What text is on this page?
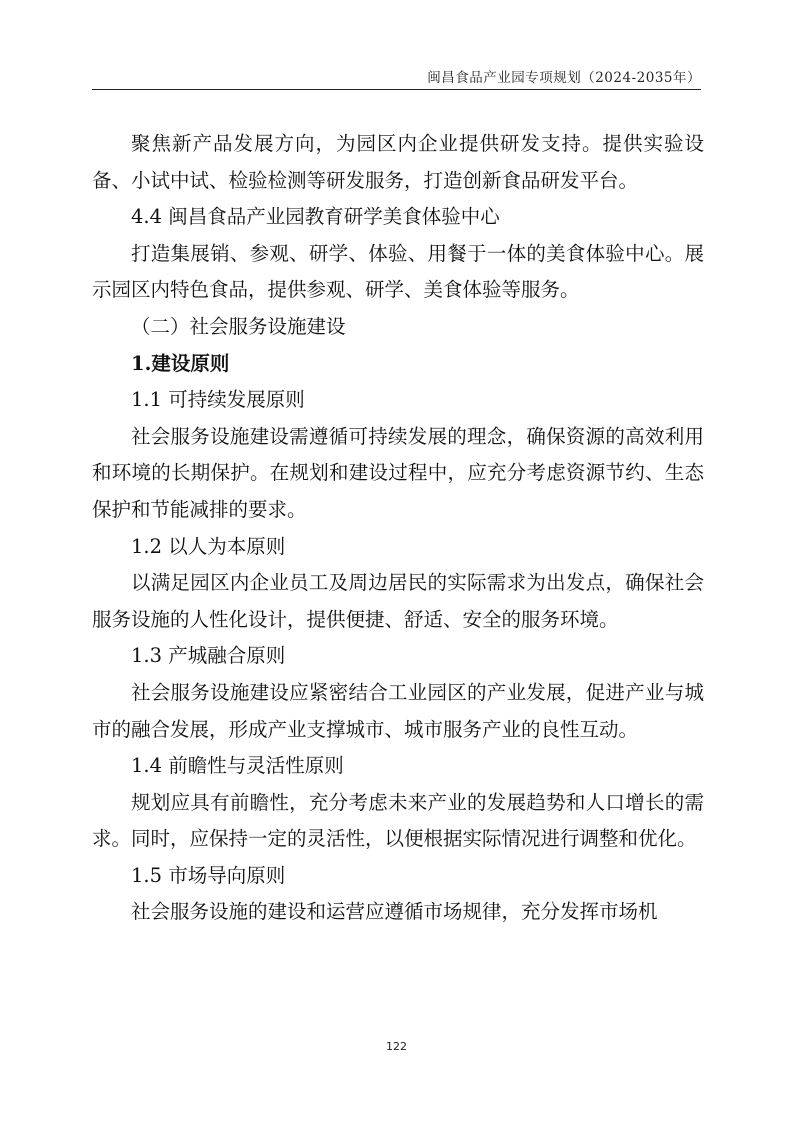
闽昌食品产业园专项规划（2024-2035年）

聚焦新产品发展方向，为园区内企业提供研发支持。提供实验设备、小试中试、检验检测等研发服务，打造创新食品研发平台。

4.4 闽昌食品产业园教育研学美食体验中心

打造集展销、参观、研学、体验、用餐于一体的美食体验中心。展示园区内特色食品，提供参观、研学、美食体验等服务。

（二）社会服务设施建设

1.建设原则

1.1 可持续发展原则

社会服务设施建设需遵循可持续发展的理念，确保资源的高效利用和环境的长期保护。在规划和建设过程中，应充分考虑资源节约、生态保护和节能减排的要求。

1.2 以人为本原则

以满足园区内企业员工及周边居民的实际需求为出发点，确保社会服务设施的人性化设计，提供便捷、舒适、安全的服务环境。

1.3 产城融合原则

社会服务设施建设应紧密结合工业园区的产业发展，促进产业与城市的融合发展，形成产业支撑城市、城市服务产业的良性互动。

1.4 前瞻性与灵活性原则

规划应具有前瞻性，充分考虑未来产业的发展趋势和人口增长的需求。同时，应保持一定的灵活性，以便根据实际情况进行调整和优化。

1.5 市场导向原则

社会服务设施的建设和运营应遵循市场规律，充分发挥市场机

122
